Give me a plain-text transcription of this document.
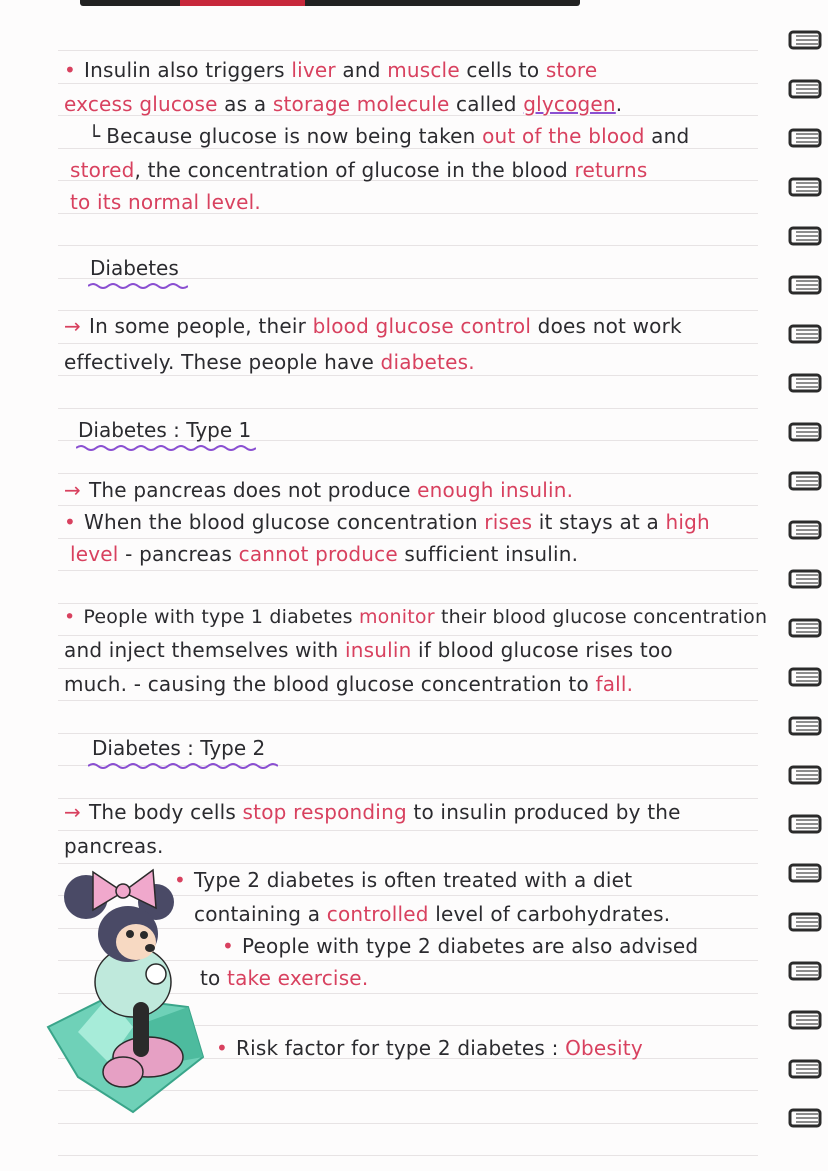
• Insulin also triggers liver and muscle cells to store
excess glucose as a storage molecule called glycogen.
└ Because glucose is now being taken out of the blood and
stored, the concentration of glucose in the blood returns
to its normal level.
Diabetes
→ In some people, their blood glucose control does not work
effectively. These people have diabetes.
Diabetes : Type 1
→ The pancreas does not produce enough insulin.
• When the blood glucose concentration rises it stays at a high
level - pancreas cannot produce sufficient insulin.
• People with type 1 diabetes monitor their blood glucose concentration
and inject themselves with insulin if blood glucose rises too
much. - causing the blood glucose concentration to fall.
Diabetes : Type 2
→ The body cells stop responding to insulin produced by the
pancreas.
• Type 2 diabetes is often treated with a diet
containing a controlled level of carbohydrates.
• People with type 2 diabetes are also advised
to take exercise.
• Risk factor for type 2 diabetes : Obesity
